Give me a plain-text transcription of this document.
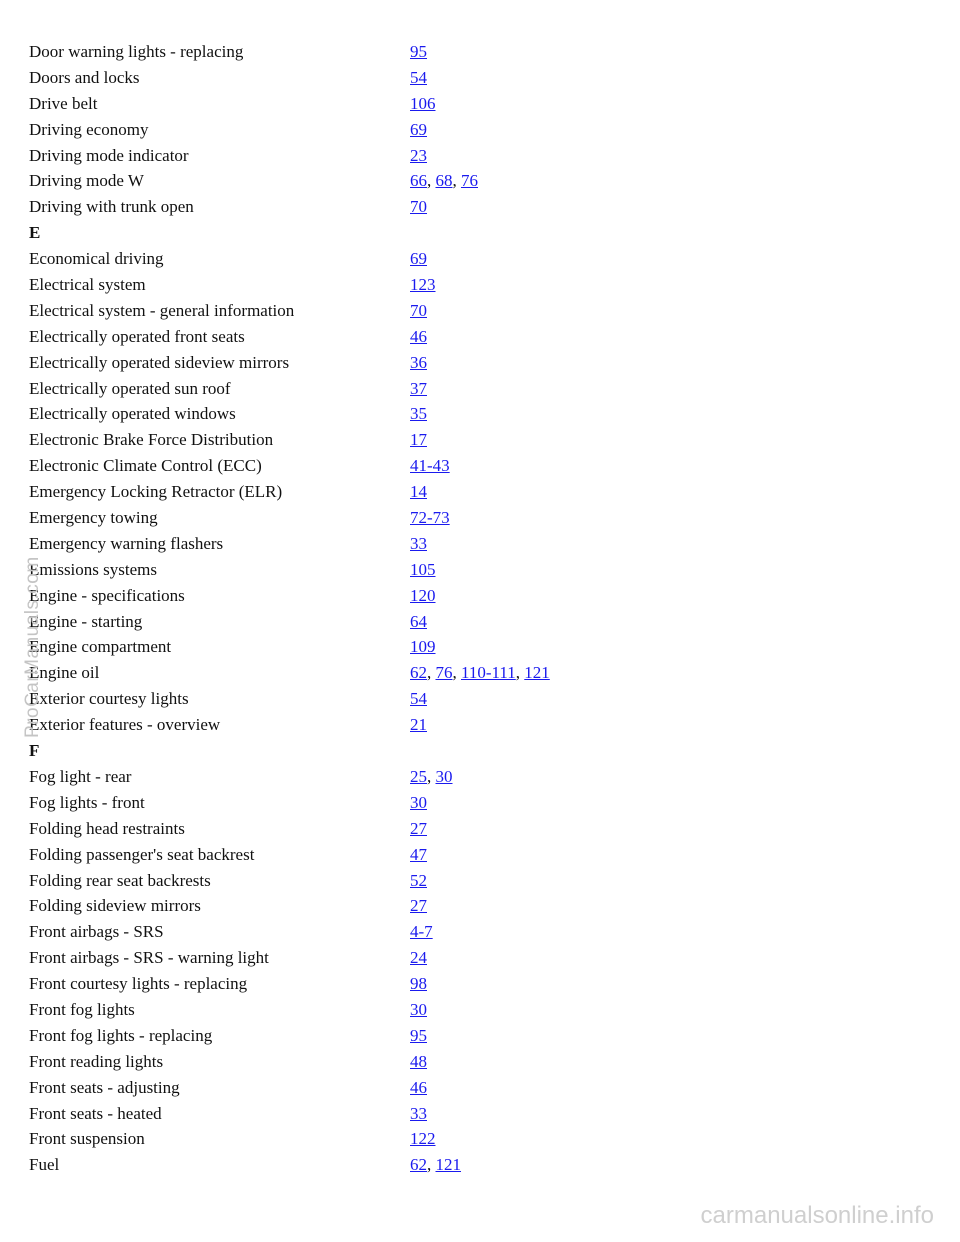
Door warning lights - replacing	95
Doors and locks	54
Drive belt	106
Driving economy	69
Driving mode indicator	23
Driving mode W	66, 68, 76
Driving with trunk open	70
E
Economical driving	69
Electrical system	123
Electrical system - general information	70
Electrically operated front seats	46
Electrically operated sideview mirrors	36
Electrically operated sun roof	37
Electrically operated windows	35
Electronic Brake Force Distribution	17
Electronic Climate Control (ECC)	41-43
Emergency Locking Retractor (ELR)	14
Emergency towing	72-73
Emergency warning flashers	33
Emissions systems	105
Engine - specifications	120
Engine - starting	64
Engine compartment	109
Engine oil	62, 76, 110-111, 121
Exterior courtesy lights	54
Exterior features - overview	21
F
Fog light - rear	25, 30
Fog lights - front	30
Folding head restraints	27
Folding passenger's seat backrest	47
Folding rear seat backrests	52
Folding sideview mirrors	27
Front airbags - SRS	4-7
Front airbags - SRS - warning light	24
Front courtesy lights - replacing	98
Front fog lights	30
Front fog lights - replacing	95
Front reading lights	48
Front seats - adjusting	46
Front seats - heated	33
Front suspension	122
Fuel	62, 121
ProCarManuals.com
carmanualsonline.info
